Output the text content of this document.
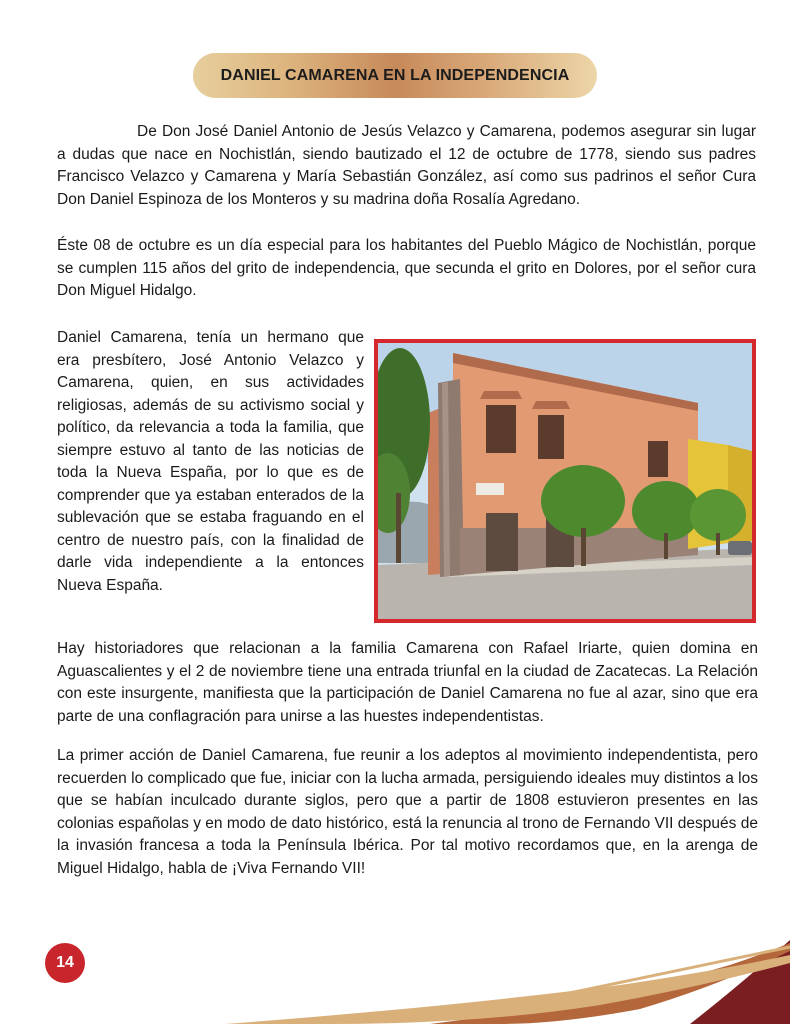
DANIEL CAMARENA EN LA INDEPENDENCIA

De Don José Daniel Antonio de Jesús Velazco y Camarena, podemos asegurar sin lugar a dudas que nace en Nochistlán, siendo bautizado el 12 de octubre de 1778, siendo sus padres Francisco Velazco y Camarena y María Sebastián González, así como sus padrinos el señor Cura Don Daniel Espinoza de los Monteros y su madrina doña Rosalía Agredano.

Éste 08 de octubre es un día especial para los habitantes del Pueblo Mágico de Nochistlán, porque se cumplen 115 años del grito de independencia, que secunda el grito en Dolores, por el señor cura Don Miguel Hidalgo.

Daniel Camarena, tenía un hermano que era presbítero, José Antonio Velazco y Camarena, quien, en sus actividades religiosas, además de su activismo social y político, da relevancia a toda la familia, que siempre estuvo al tanto de las noticias de toda la Nueva España, por lo que es de comprender que ya estaban enterados de la sublevación que se estaba fraguando en el centro de nuestro país, con la finalidad de darle vida independiente a la entonces Nueva España.

Hay historiadores que relacionan a la familia Camarena con Rafael Iriarte, quien domina en Aguascalientes y el 2 de noviembre tiene una entrada triunfal en la ciudad de Zacatecas. La Relación con este insurgente, manifiesta que la participación de Daniel Camarena no fue al azar, sino que era parte de una conflagración para unirse a las huestes independentistas.

La primer acción de Daniel Camarena, fue reunir a los adeptos al movimiento independentista, pero recuerden lo complicado que fue, iniciar con la lucha armada, persiguiendo ideales muy distintos a los que se habían inculcado durante siglos, pero que a partir de 1808 estuvieron presentes en las colonias españolas y en modo de dato histórico, está la renuncia al trono de Fernando VII después de la invasión francesa a toda la Península Ibérica. Por tal motivo recordamos que, en la arenga de Miguel Hidalgo, habla de ¡Viva Fernando VII!

14
